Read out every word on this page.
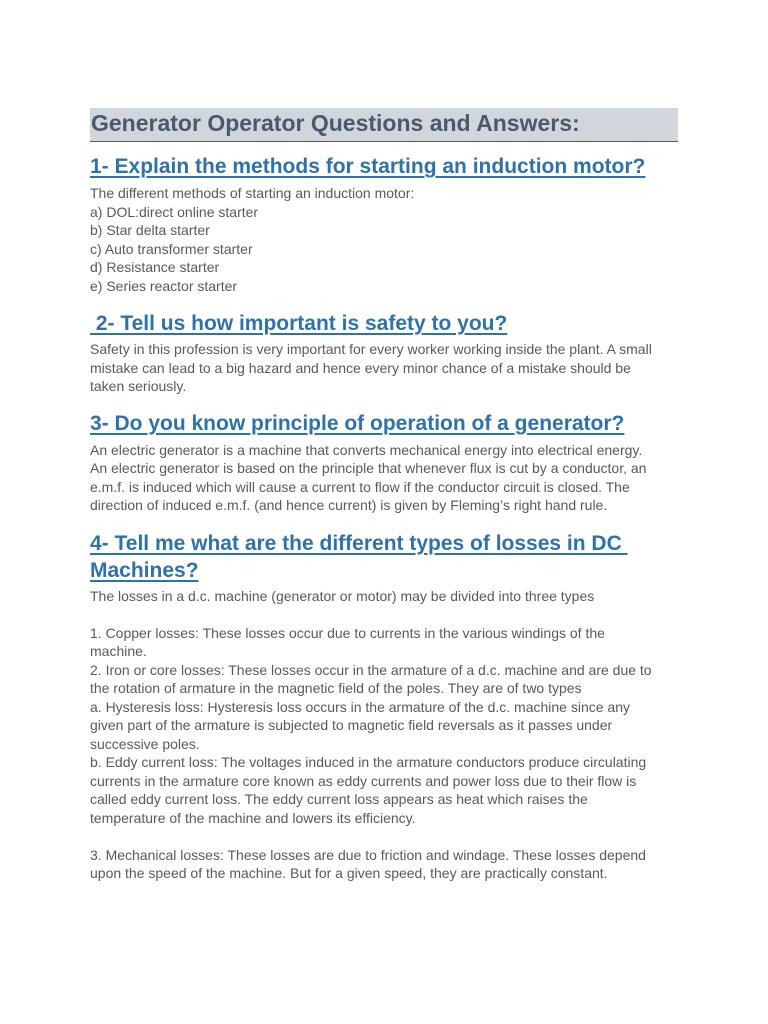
Generator Operator Questions and Answers:
1- Explain the methods for starting an induction motor?

The different methods of starting an induction motor:

a) DOL:direct online starter

b) Star delta starter

c) Auto transformer starter

d) Resistance starter

e) Series reactor starter

2- Tell us how important is safety to you?

Safety in this profession is very important for every worker working inside the plant. A small

mistake can lead to a big hazard and hence every minor chance of a mistake should be

taken seriously.

3- Do you know principle of operation of a generator?

An electric generator is a machine that converts mechanical energy into electrical energy.

An electric generator is based on the principle that whenever flux is cut by a conductor, an

e.m.f. is induced which will cause a current to flow if the conductor circuit is closed. The

direction of induced e.m.f. (and hence current) is given by Fleming’s right hand rule.

4- Tell me what are the different types of losses in DC
Machines?

The losses in a d.c. machine (generator or motor) may be divided into three types

1. Copper losses: These losses occur due to currents in the various windings of the

machine.

2. Iron or core losses: These losses occur in the armature of a d.c. machine and are due to

the rotation of armature in the magnetic field of the poles. They are of two types

a. Hysteresis loss: Hysteresis loss occurs in the armature of the d.c. machine since any

given part of the armature is subjected to magnetic field reversals as it passes under

successive poles.

b. Eddy current loss: The voltages induced in the armature conductors produce circulating

currents in the armature core known as eddy currents and power loss due to their flow is

called eddy current loss. The eddy current loss appears as heat which raises the

temperature of the machine and lowers its efficiency.

3. Mechanical losses: These losses are due to friction and windage. These losses depend

upon the speed of the machine. But for a given speed, they are practically constant.
